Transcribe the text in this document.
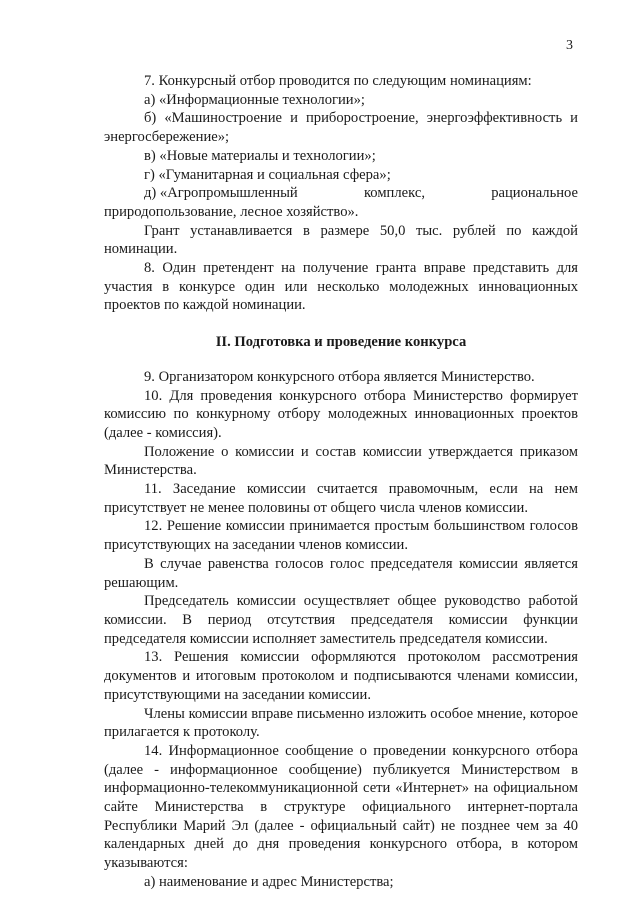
3

7. Конкурсный отбор проводится по следующим номинациям:

а) «Информационные технологии»;

б) «Машиностроение и приборостроение, энергоэффективность и энергосбережение»;

в) «Новые материалы и технологии»;

г) «Гуманитарная и социальная сфера»;

д) «Агропромышленный	комплекс,	рациональное

природопользование, лесное хозяйство».

Грант устанавливается в размере 50,0 тыс. рублей по каждой номинации.

8. Один претендент на получение гранта вправе представить для участия в конкурсе один или несколько молодежных инновационных проектов по каждой номинации.

II. Подготовка и проведение конкурса

9. Организатором конкурсного отбора является Министерство.

10. Для проведения конкурсного отбора Министерство формирует комиссию по конкурному отбору молодежных инновационных проектов (далее - комиссия).

Положение о комиссии и состав комиссии утверждается приказом Министерства.

11. Заседание комиссии считается правомочным, если на нем присутствует не менее половины от общего числа членов комиссии.

12. Решение комиссии принимается простым большинством голосов присутствующих на заседании членов комиссии.

В случае равенства голосов голос председателя комиссии является решающим.

Председатель комиссии осуществляет общее руководство работой комиссии. В период отсутствия председателя комиссии функции председателя комиссии исполняет заместитель председателя комиссии.

13. Решения комиссии оформляются протоколом рассмотрения документов и итоговым протоколом и подписываются членами комиссии, присутствующими на заседании комиссии.

Члены комиссии вправе письменно изложить особое мнение, которое прилагается к протоколу.

14. Информационное сообщение о проведении конкурсного отбора (далее - информационное сообщение) публикуется Министерством в информационно-телекоммуникационной сети «Интернет» на официальном сайте Министерства в структуре официального интернет-портала Республики Марий Эл (далее - официальный сайт) не позднее чем за 40 календарных дней до дня проведения конкурсного отбора, в котором указываются:

а) наименование и адрес Министерства;
